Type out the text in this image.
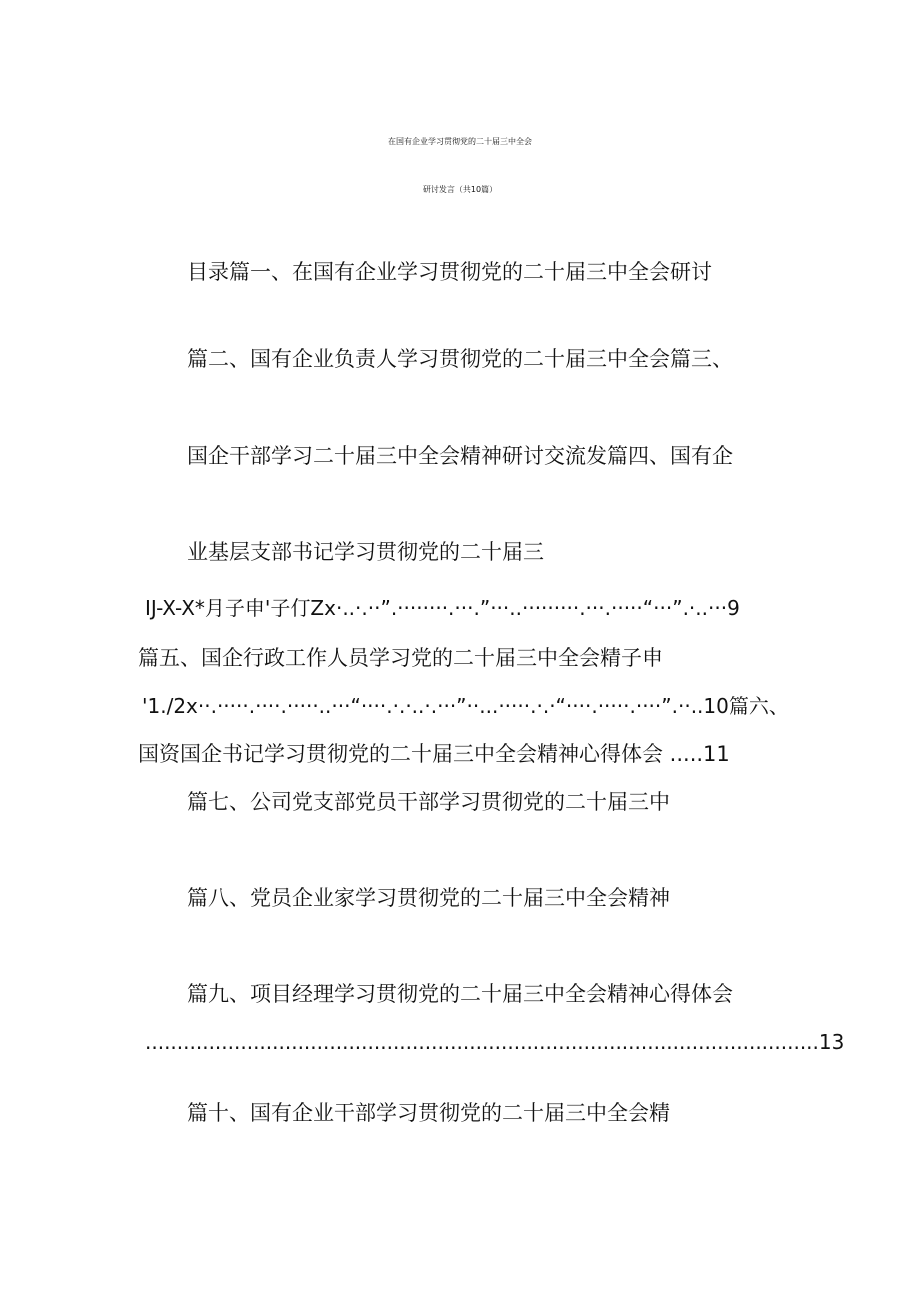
在国有企业学习贯彻党的二十届三中全会
研讨发言（共10篇）
目录篇一、在国有企业学习贯彻党的二十届三中全会研讨
篇二、国有企业负责人学习贯彻党的二十届三中全会篇三、
国企干部学习二十届三中全会精神研讨交流发篇四、国有企
业基层支部书记学习贯彻党的二十届三
IJ-X-X*月子申'子仃Zx·..·.··”.········.···.”···..·········.···.·····“···”.·..···9
篇五、国企行政工作人员学习党的二十届三中全会精子申
'1./2x··.·····.····.·····..···“····.·.·..·.···”··...·····.·.·“····.·····.····”.··..10篇六、
国资国企书记学习贯彻党的二十届三中全会精神心得体会 .....11
篇七、公司党支部党员干部学习贯彻党的二十届三中
篇八、党员企业家学习贯彻党的二十届三中全会精神
篇九、项目经理学习贯彻党的二十届三中全会精神心得体会
..........................................................................................................13
篇十、国有企业干部学习贯彻党的二十届三中全会精
